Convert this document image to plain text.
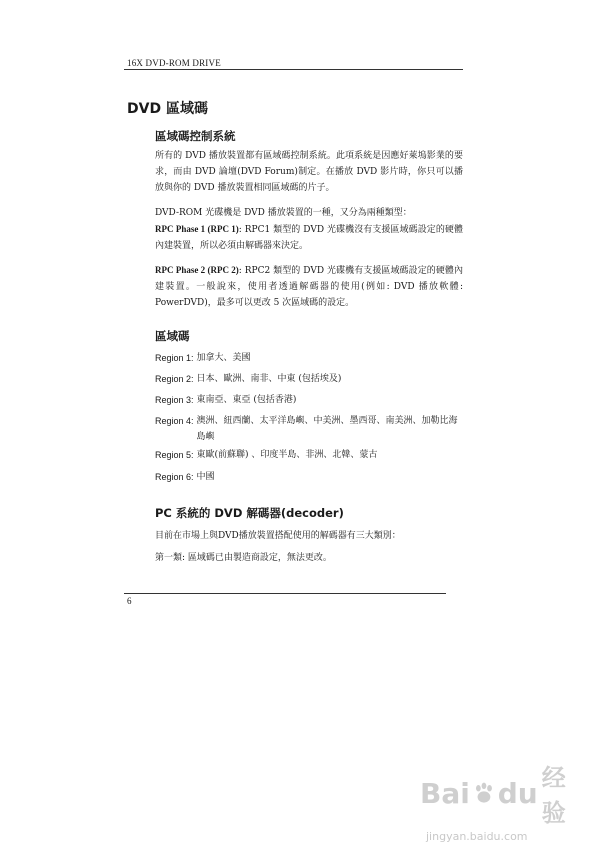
16X DVD-ROM DRIVE
DVD 區域碼
區域碼控制系統
所有的 DVD 播放裝置都有區域碼控制系統。此項系統是因應好萊塢影業的要求，而由 DVD 論壇(DVD Forum)制定。在播放 DVD 影片時，你只可以播放與你的 DVD 播放裝置相同區域碼的片子。
DVD-ROM 光碟機是 DVD 播放裝置的一種，又分為兩種類型：
RPC Phase 1 (RPC 1): RPC1 類型的 DVD 光碟機沒有支援區域碼設定的硬體內建裝置，所以必須由解碼器來決定。
RPC Phase 2 (RPC 2): RPC2 類型的 DVD 光碟機有支援區域碼設定的硬體內建裝置。一般說來，使用者透過解碼器的使用(例如: DVD 播放軟體: PowerDVD)，最多可以更改 5 次區域碼的設定。
區域碼
Region 1: 加拿大、美國
Region 2: 日本、歐洲、南非、中東 (包括埃及)
Region 3: 東南亞、東亞 (包括香港)
Region 4: 澳洲、紐西蘭、太平洋島嶼、中美洲、墨西哥、南美洲、加勒比海島嶼
Region 5: 東歐(前蘇聯) 、印度半島、非洲、北韓、蒙古
Region 6: 中國
PC 系統的 DVD 解碼器(decoder)
目前在市場上與DVD播放裝置搭配使用的解碼器有三大類別：
第一類: 區域碼已由製造商設定，無法更改。
6
Bai du 经验
jingyan.baidu.com
